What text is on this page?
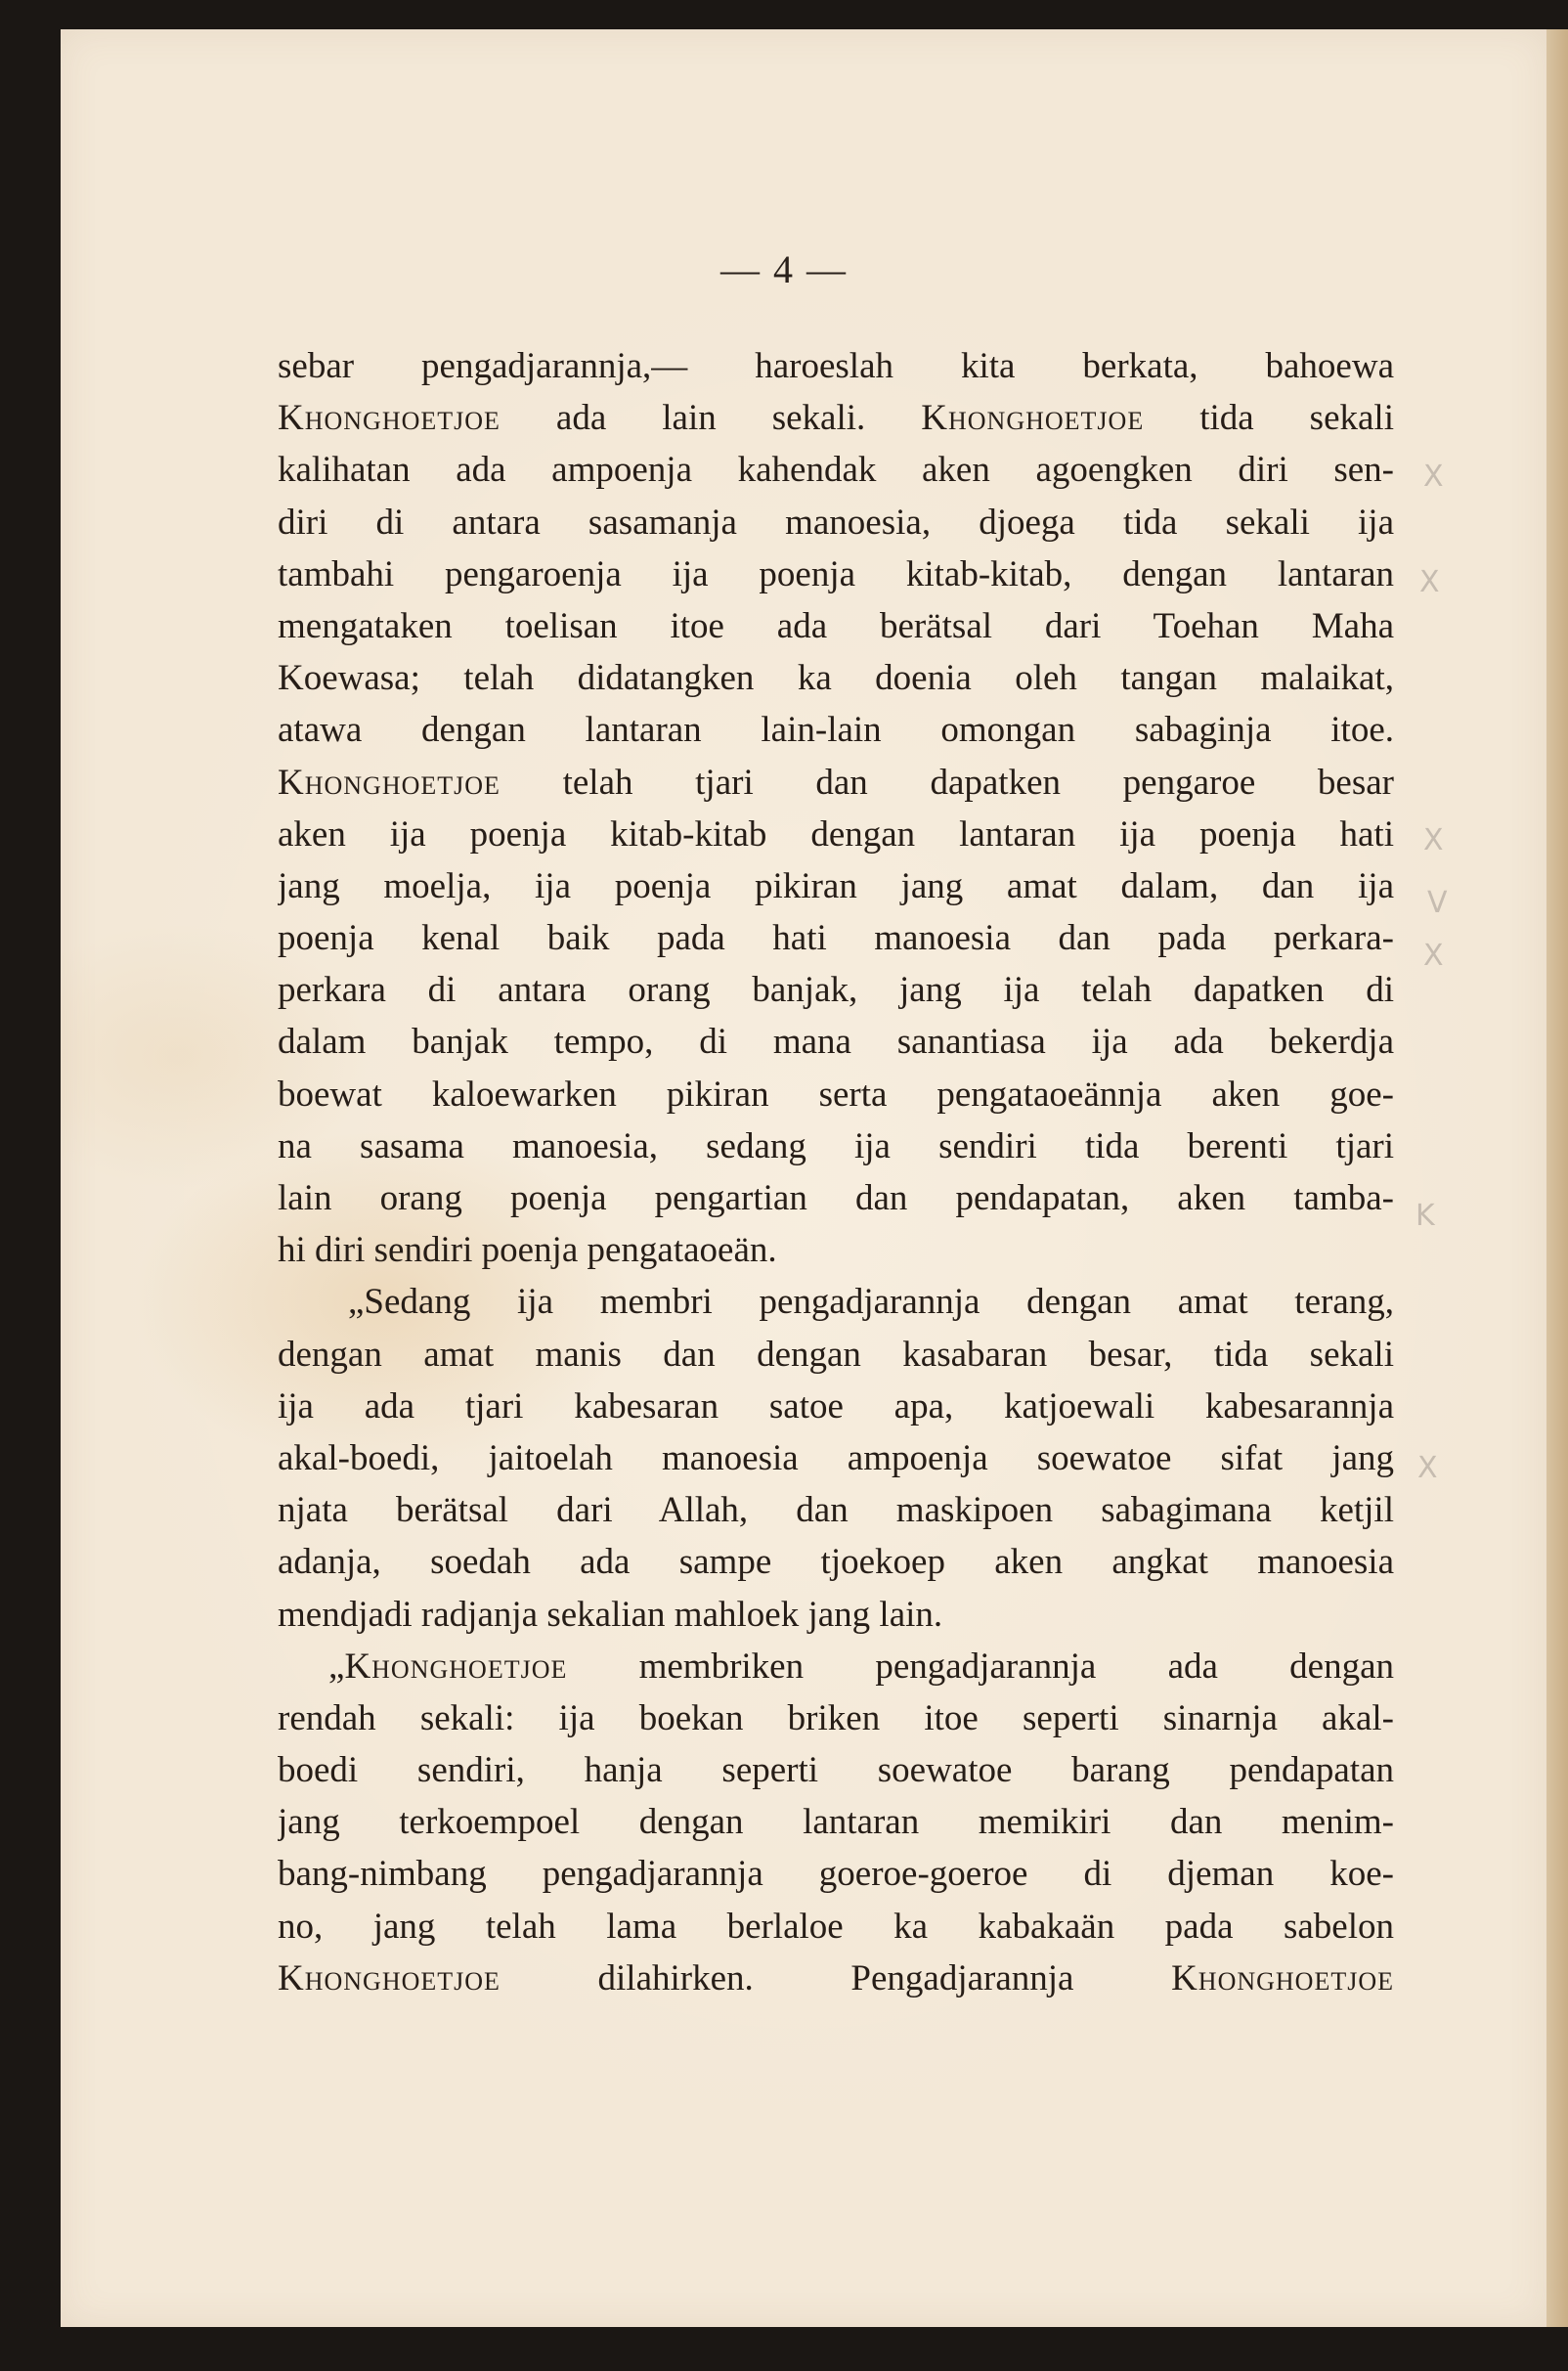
— 4 —
sebar pengadjarannja,— haroeslah kita berkata, bahoewa
Khonghoetjoe ada lain sekali. Khonghoetjoe tida sekali
kalihatan ada ampoenja kahendak aken agoengken diri sen-
diri di antara sasamanja manoesia, djoega tida sekali ija
tambahi pengaroenja ija poenja kitab-kitab, dengan lantaran
mengataken toelisan itoe ada berätsal dari Toehan Maha
Koewasa; telah didatangken ka doenia oleh tangan malaikat,
atawa dengan lantaran lain-lain omongan sabaginja itoe.
Khonghoetjoe telah tjari dan dapatken pengaroe besar
aken ija poenja kitab-kitab dengan lantaran ija poenja hati
jang moelja, ija poenja pikiran jang amat dalam, dan ija
poenja kenal baik pada hati manoesia dan pada perkara-
perkara di antara orang banjak, jang ija telah dapatken di
dalam banjak tempo, di mana sanantiasa ija ada bekerdja
boewat kaloewarken pikiran serta pengataoeännja aken goe-
na sasama manoesia, sedang ija sendiri tida berenti tjari
lain orang poenja pengartian dan pendapatan, aken tamba-
hi diri sendiri poenja pengataoeän.
„Sedang ija membri pengadjarannja dengan amat terang,
dengan amat manis dan dengan kasabaran besar, tida sekali
ija ada tjari kabesaran satoe apa, katjoewali kabesarannja
akal-boedi, jaitoelah manoesia ampoenja soewatoe sifat jang
njata berätsal dari Allah, dan maskipoen sabagimana ketjil
adanja, soedah ada sampe tjoekoep aken angkat manoesia
mendjadi radjanja sekalian mahloek jang lain.
„Khonghoetjoe membriken pengadjarannja ada dengan
rendah sekali: ija boekan briken itoe seperti sinarnja akal-
boedi sendiri, hanja seperti soewatoe barang pendapatan
jang terkoempoel dengan lantaran memikiri dan menim-
bang-nimbang pengadjarannja goeroe-goeroe di djeman koe-
no, jang telah lama berlaloe ka kabakaän pada sabelon
Khonghoetjoe dilahirken. Pengadjarannja Khonghoetjoe
X
X
X
V
X
K
X
